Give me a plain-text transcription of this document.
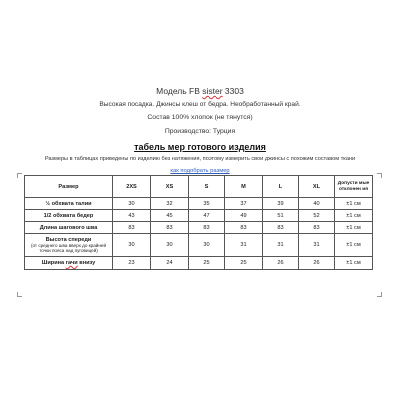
Модель FB sister 3303
Высокая посадка. Джинсы клеш от бедра. Необработанный край.
Состав 100% хлопок (не тянутся)
Производство: Турция
табель мер готового изделия
Размеры в таблицах приведены по изделию без натяжения, поэтому измерить свои джинсы с похожим составом ткани
как подобрать размер
Размер	2XS	XS	S	M	L	XL	Допусти мые отклонен ия
½ обхвата талии	30	32	35	37	39	40	±1 см
1/2 обхвата бедер	43	45	47	49	51	52	±1 см
Длина шагового шва	83	83	83	83	83	83	±1 см
Высота спереди
(от среднего шва вверх до крайней точки пояса над пуговицей)	30	30	30	31	31	31	±1 см
Ширина гачи внизу	23	24	25	25	26	26	±1 см
